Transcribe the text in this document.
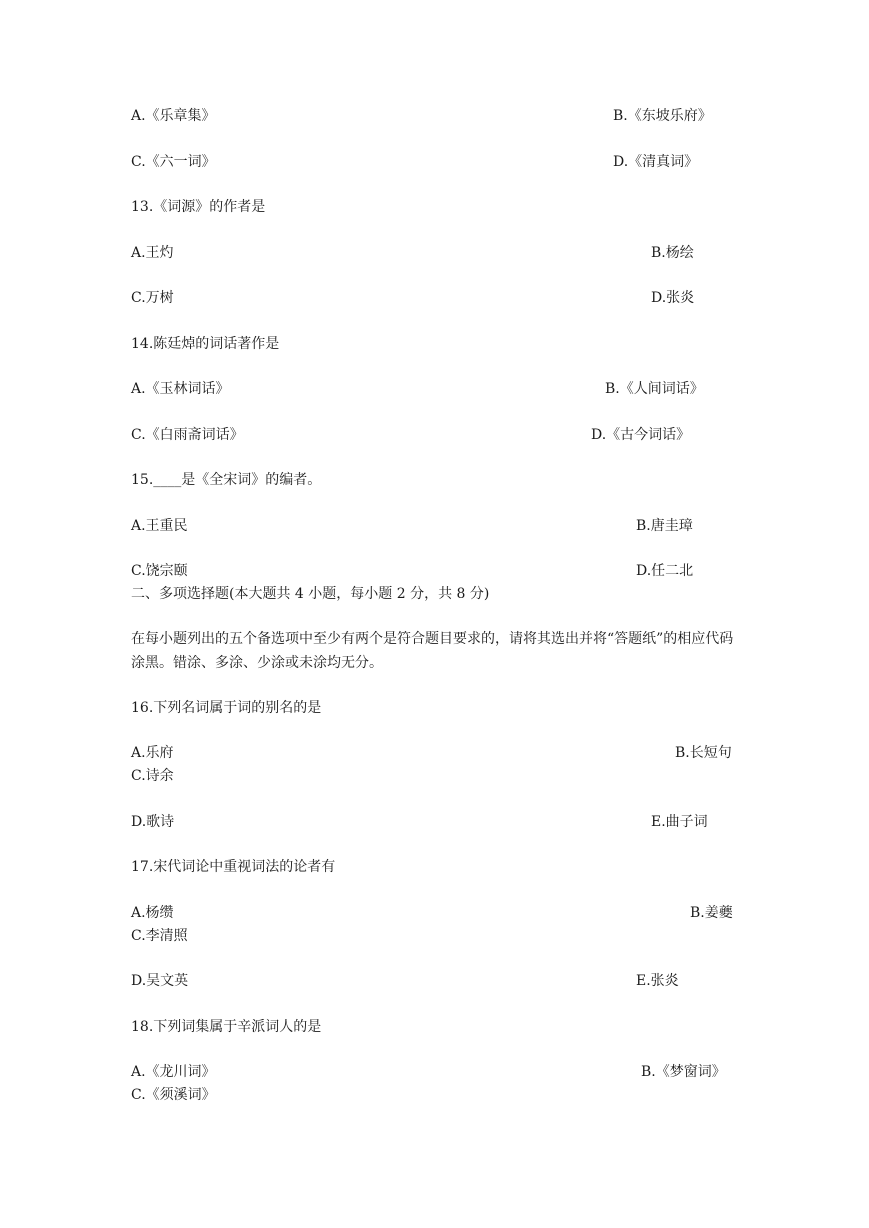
A.《乐章集》	B.《东坡乐府》
C.《六一词》	D.《清真词》
13.《词源》的作者是
A.王灼	B.杨绘
C.万树	D.张炎
14.陈廷焯的词话著作是
A.《玉林词话》	B.《人间词话》
C.《白雨斋词话》	D.《古今词话》
15.____是《全宋词》的编者。
A.王重民	B.唐圭璋
C.饶宗颐	D.任二北
二、多项选择题(本大题共 4 小题，每小题 2 分，共 8 分)
在每小题列出的五个备选项中至少有两个是符合题目要求的，请将其选出并将“答题纸”的相应代码涂黑。错涂、多涂、少涂或未涂均无分。
16.下列名词属于词的别名的是
A.乐府	B.长短句
C.诗余
D.歌诗	E.曲子词
17.宋代词论中重视词法的论者有
A.杨缵	B.姜夔
C.李清照
D.吴文英	E.张炎
18.下列词集属于辛派词人的是
A.《龙川词》	B.《梦窗词》
C.《须溪词》
